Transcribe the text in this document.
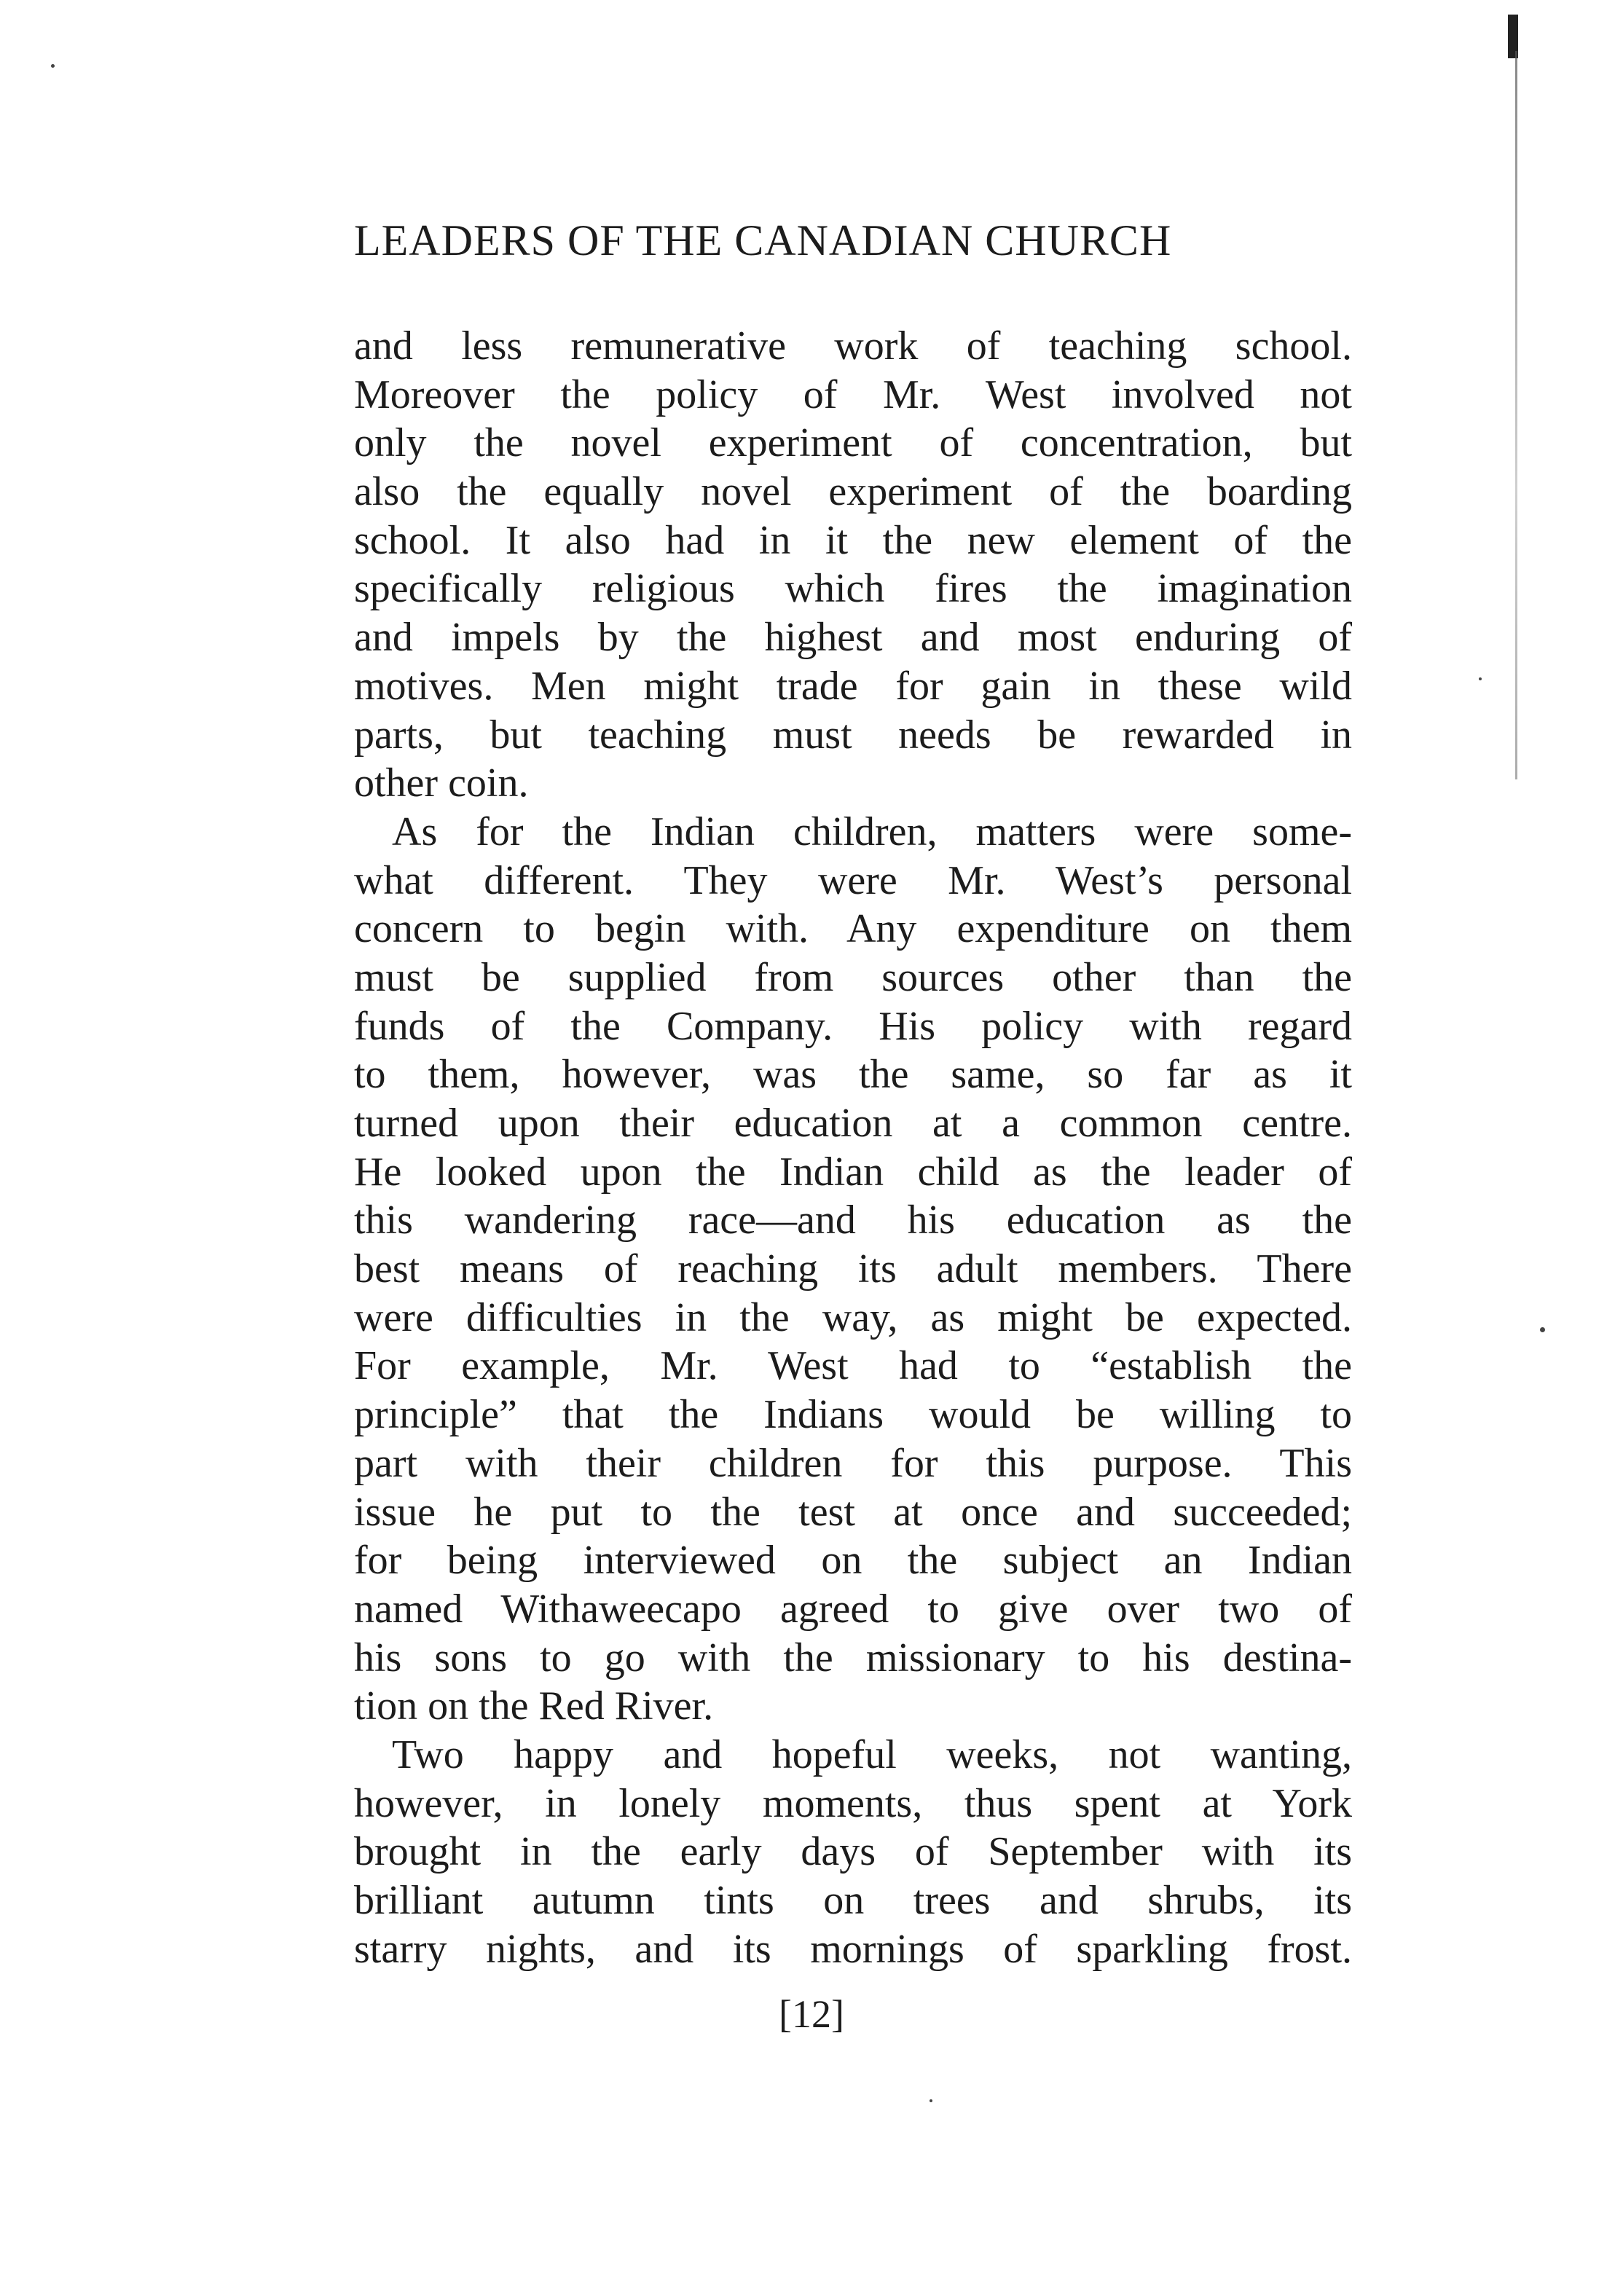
LEADERS OF THE CANADIAN CHURCH
and less remunerative work of teaching school.
Moreover the policy of Mr. West involved not
only the novel experiment of concentration, but
also the equally novel experiment of the boarding
school. It also had in it the new element of the
specifically religious which fires the imagination
and impels by the highest and most enduring of
motives. Men might trade for gain in these wild
parts, but teaching must needs be rewarded in
other coin.
As for the Indian children, matters were some-
what different. They were Mr. West’s personal
concern to begin with. Any expenditure on them
must be supplied from sources other than the
funds of the Company. His policy with regard
to them, however, was the same, so far as it
turned upon their education at a common centre.
He looked upon the Indian child as the leader of
this wandering race—and his education as the
best means of reaching its adult members. There
were difficulties in the way, as might be expected.
For example, Mr. West had to “establish the
principle” that the Indians would be willing to
part with their children for this purpose. This
issue he put to the test at once and succeeded;
for being interviewed on the subject an Indian
named Withaweecapo agreed to give over two of
his sons to go with the missionary to his destina-
tion on the Red River.
Two happy and hopeful weeks, not wanting,
however, in lonely moments, thus spent at York
brought in the early days of September with its
brilliant autumn tints on trees and shrubs, its
starry nights, and its mornings of sparkling frost.
[12]
